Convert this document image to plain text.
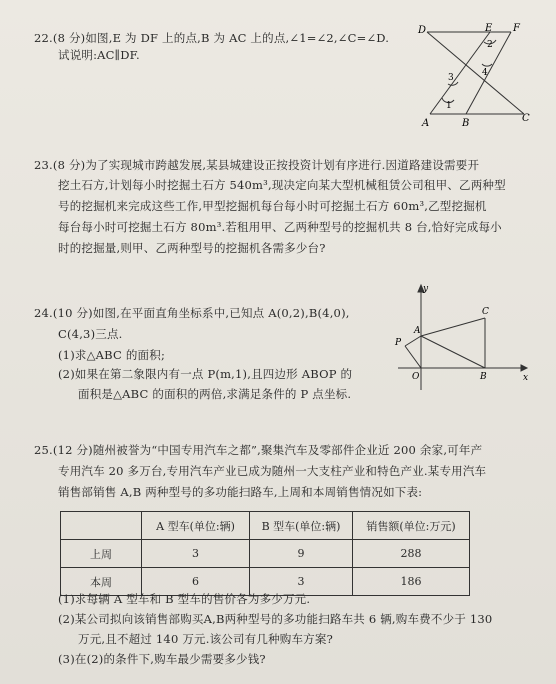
22.(8 分)如图,E 为 DF 上的点,B 为 AC 上的点,∠1=∠2,∠C=∠D.
试说明:AC∥DF.
D	E F
A	B	C
2
4
3
1
23.(8 分)为了实现城市跨越发展,某县城建设正按投资计划有序进行.因道路建设需要开
挖土石方,计划每小时挖掘土石方 540m³,现决定向某大型机械租赁公司租甲、乙两种型
号的挖掘机来完成这些工作,甲型挖掘机每台每小时可挖掘土石方 60m³,乙型挖掘机
每台每小时可挖掘土石方 80m³.若租用甲、乙两种型号的挖掘机共 8 台,恰好完成每小
时的挖掘量,则甲、乙两种型号的挖掘机各需多少台?
24.(10 分)如图,在平面直角坐标系中,已知点 A(0,2),B(4,0),
C(4,3)三点.
(1)求△ABC 的面积;
(2)如果在第二象限内有一点 P(m,1),且四边形 ABOP 的
面积是△ABC 的面积的两倍,求满足条件的 P 点坐标.
y
x
O
A
B
C
P
25.(12 分)随州被誉为“中国专用汽车之都”,聚集汽车及零部件企业近 200 余家,可年产
专用汽车 20 多万台,专用汽车产业已成为随州一大支柱产业和特色产业.某专用汽车
销售部销售 A,B 两种型号的多功能扫路车,上周和本周销售情况如下表:
	A 型车(单位:辆)	B 型车(单位:辆)	销售额(单位:万元)
上周	3	9	288
本周	6	3	186
(1)求每辆 A 型车和 B 型车的售价各为多少万元.
(2)某公司拟向该销售部购买A,B两种型号的多功能扫路车共 6 辆,购车费不少于 130
万元,且不超过 140 万元.该公司有几种购车方案?
(3)在(2)的条件下,购车最少需要多少钱?
